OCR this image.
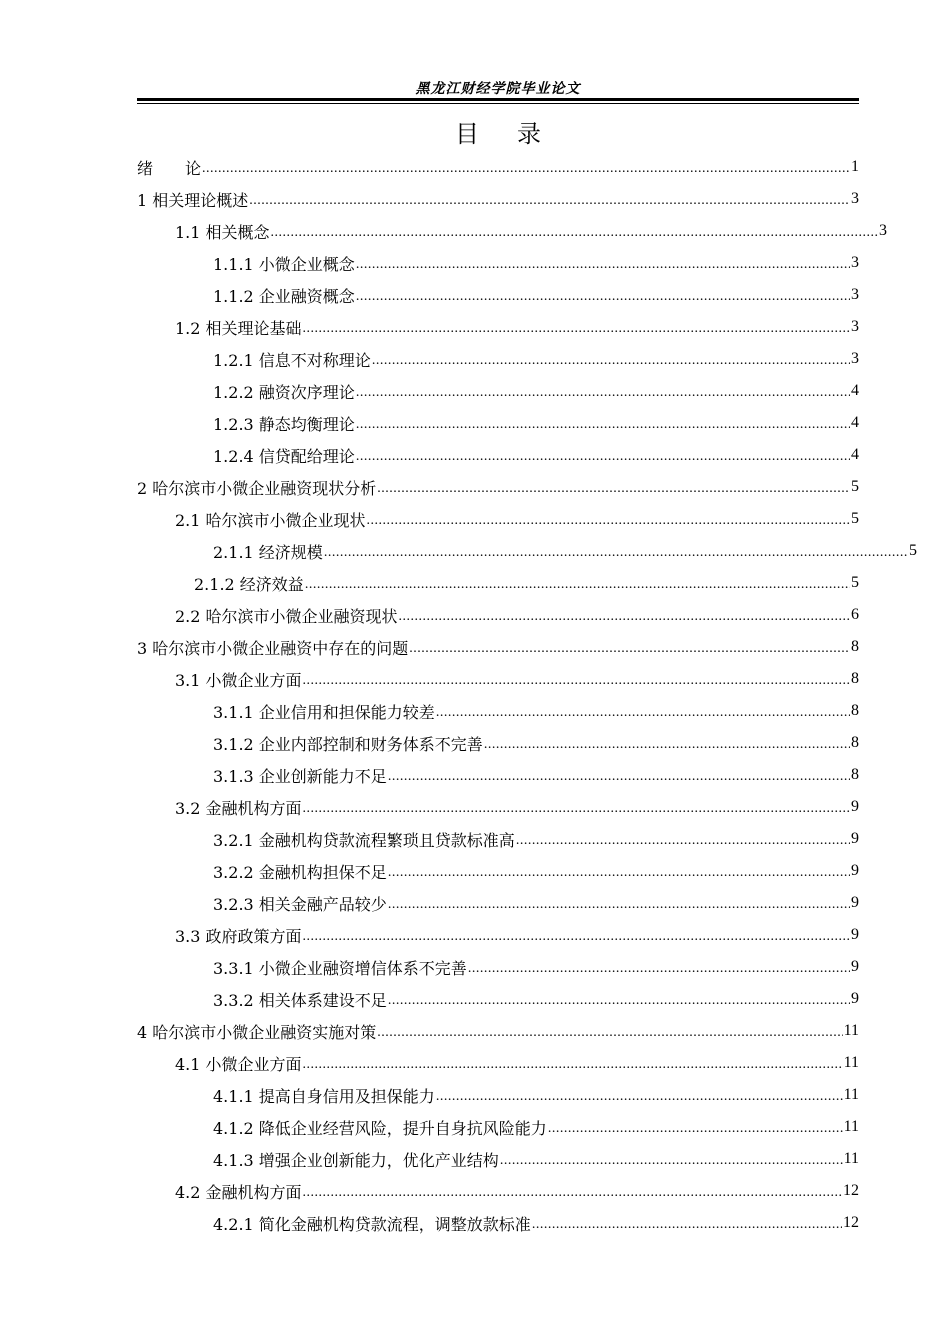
黑龙江财经学院毕业论文
目录
绪　　论 .....	1
1 相关理论概述 .....	3
1.1 相关概念 .....	3
1.1.1 小微企业概念 .....	3
1.1.2 企业融资概念 .....	3
1.2 相关理论基础 .....	3
1.2.1 信息不对称理论 .....	3
1.2.2 融资次序理论 .....	4
1.2.3 静态均衡理论 .....	4
1.2.4 信贷配给理论 .....	4
2 哈尔滨市小微企业融资现状分析 .....	5
2.1 哈尔滨市小微企业现状 .....	5
2.1.1 经济规模 .....	5
2.1.2 经济效益 .....	5
2.2 哈尔滨市小微企业融资现状 .....	6
3 哈尔滨市小微企业融资中存在的问题 .....	8
3.1 小微企业方面 .....	8
3.1.1 企业信用和担保能力较差 .....	8
3.1.2 企业内部控制和财务体系不完善 .....	8
3.1.3 企业创新能力不足 .....	8
3.2 金融机构方面 .....	9
3.2.1 金融机构贷款流程繁琐且贷款标准高 .....	9
3.2.2 金融机构担保不足 .....	9
3.2.3 相关金融产品较少 .....	9
3.3 政府政策方面 .....	9
3.3.1 小微企业融资增信体系不完善 .....	9
3.3.2 相关体系建设不足 .....	9
4 哈尔滨市小微企业融资实施对策 .....	11
4.1 小微企业方面 .....	11
4.1.1 提高自身信用及担保能力 .....	11
4.1.2 降低企业经营风险，提升自身抗风险能力 .....	11
4.1.3 增强企业创新能力，优化产业结构 .....	11
4.2 金融机构方面 .....	12
4.2.1 简化金融机构贷款流程，调整放款标准 .....	12
